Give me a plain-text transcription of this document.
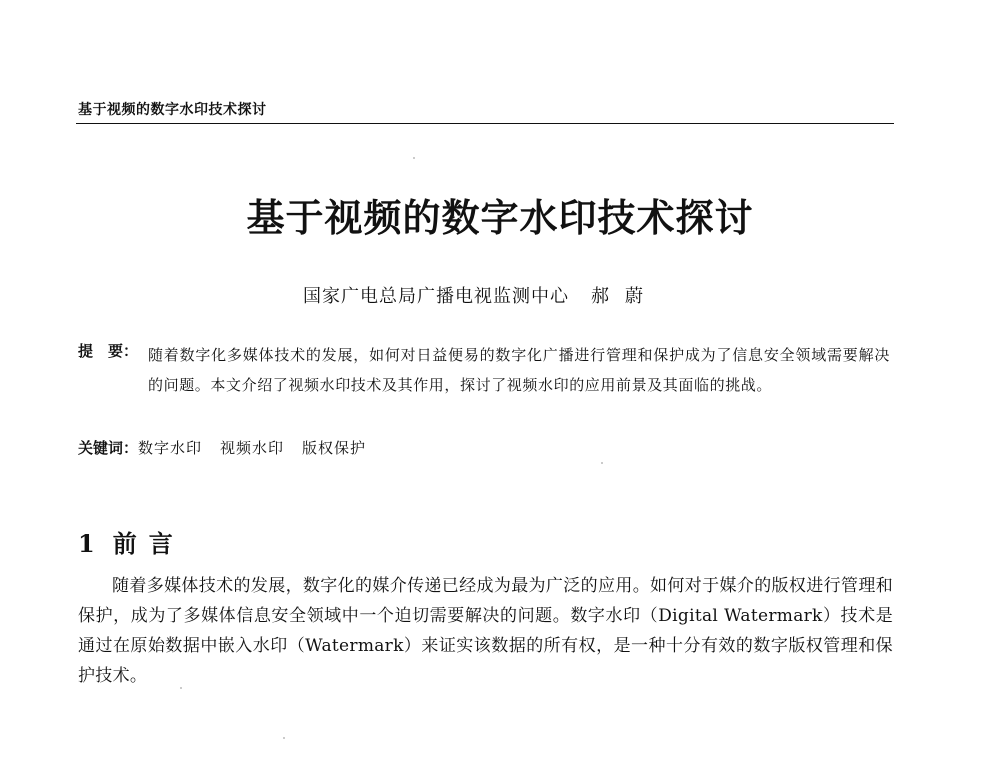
基于视频的数字水印技术探讨
基于视频的数字水印技术探讨
国家广电总局广播电视监测中心 郝蔚
提　要： 随着数字化多媒体技术的发展，如何对日益便易的数字化广播进行管理和保护成为了信息安全领域需要解决的问题。本文介绍了视频水印技术及其作用，探讨了视频水印的应用前景及其面临的挑战。
关键词：数字水印 视频水印 版权保护
1 前言
随着多媒体技术的发展，数字化的媒介传递已经成为最为广泛的应用。如何对于媒介的版权进行管理和保护，成为了多媒体信息安全领域中一个迫切需要解决的问题。数字水印（Digital Watermark）技术是通过在原始数据中嵌入水印（Watermark）来证实该数据的所有权，是一种十分有效的数字版权管理和保护技术。
